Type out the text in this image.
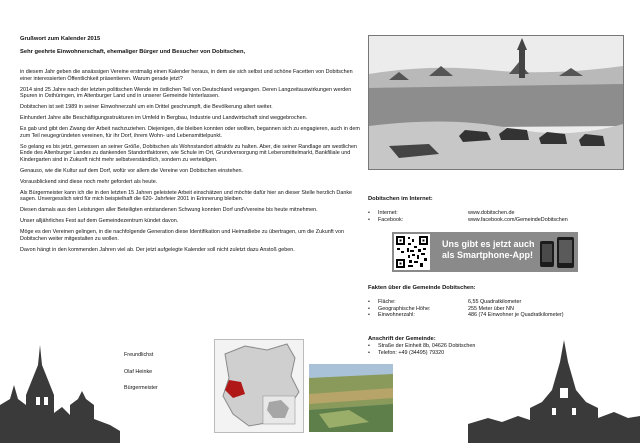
Grußwort zum Kalender 2015
Sehr geehrte Einwohnerschaft, ehemaliger Bürger und Besucher von Dobitschen,

in diesem Jahr geben die ansässigen Vereine erstmalig einen Kalender heraus, in dem sie sich selbst und schöne Facetten von Dobitschen einer interessierten Öffentlichkeit präsentieren. Warum gerade jetzt?

2014 sind 25 Jahre nach der letzten politischen Wende im östlichen Teil von Deutschland vergangen. Deren Langzeitauswirkungen werden Spuren in Osthüringen, im Altenburger Land und in unserer Gemeinde hinterlassen.

Dobitschen ist seit 1989 in seiner Einwohnerzahl um ein Drittel geschrumpft, die Bevölkerung altert weiter.

Einhundert Jahre alte Beschäftigungsstrukturen im Umfeld in Bergbau, Industrie und Landwirtschaft sind weggebrochen.

Es gab und gibt den Zwang der Arbeit nachzuziehen. Diejenigen, die bleiben konnten oder wollten, begannen sich zu engagieren, auch in dem zum Teil neugegründeten vereinen, für ihr Dorf, ihrem Wohn- und Lebensmittelpunkt.

So gelang es bis jetzt, gemessen an seiner Größe, Dobitschen als Wohnstandort attraktiv zu halten. Aber, die seiner Randlage am westlichen Ende des Altenburger Landes zu dankenden Standortfaktoren, wie Schule im Ort, Grundversorgung mit Lebensmittelmarkt, Bankfiliale und Kindergarten sind in Zukunft nicht mehr selbstverständlich, sondern zu verteidigen.

Genauso, wie die Kultur auf dem Dorf, wofür vor allem die Vereine von Dobitschen einstehen.

Vorausblickend sind diese noch mehr gefordert als heute.

Als Bürgermeister kann ich die in den letzten 15 Jahren geleistete Arbeit einschätzen und möchte dafür hier an dieser Stelle herzlich Danke sagen. Unvergesslich wird für mich beispielhaft die 620- Jahrfeier 2001 in Erinnerung bleiben.

Diesen damals aus den Leistungen aller Beteiligten entstandenen Schwung konnten Dorf undVvereine bis heute mitnehmen.

Unser alljährliches Fest auf dem Gemeindezentrum kündet davon.

Möge es den Vereinen gelingen, in die nachfolgende Generation diese Identifikation und Heimatliebe zu übertragen, um die Zukunft von Dobitschen weiter mitgestalten zu wollen.

Davon hängt in den kommenden Jahren viel ab. Der jetzt aufgelegte Kalender soll nicht zuletzt dazu Anstoß geben.

Freundlichst
Olaf Heinke
Bürgermeister
Dobitschen im Internet:
• Internet:	www.dobitschen.de
• Facebook:	www.facebook.com/GemeindeDobitschen
Uns gibt es jetzt auch
als Smartphone-App!
Fakten über die Gemeinde Dobitschen:
• Fläche:	6,55 Quadratkilometer
• Geographische Höhe:	255 Meter über NN
• Einwohnerzahl:	486 (74 Einwohner je Quadratkilometer)
Anschrift der Gemeinde:
• Straße der Einheit 8b, 04626 Dobitschen
• Telefon: +49 (34495) 79320
